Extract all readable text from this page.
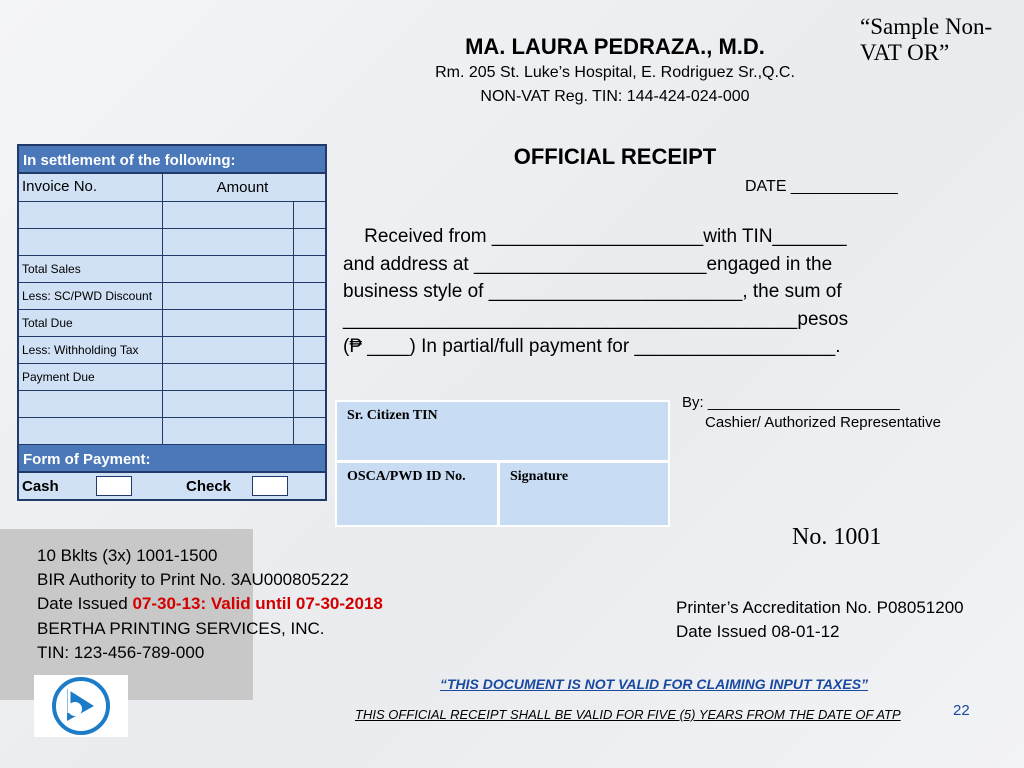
MA. LAURA PEDRAZA., M.D.
Rm. 205 St. Luke’s Hospital, E. Rodriguez Sr.,Q.C.
NON-VAT Reg. TIN: 144-424-024-000
“Sample Non-VAT OR”
In settlement of the following:
Invoice No.	Amount
Total Sales
Less: SC/PWD Discount
Total Due
Less: Withholding Tax
Payment Due
Form of Payment:
Cash	Check
OFFICIAL RECEIPT
DATE ____________
Received from ____________________with TIN_______
and address at ______________________engaged in the
business style of ________________________, the sum of
___________________________________________pesos
(₱ ____) In partial/full payment for ___________________.
Sr. Citizen TIN
OSCA/PWD ID No.	Signature
By: _______________________
Cashier/ Authorized Representative
No. 1001
10 Bklts (3x) 1001-1500
BIR Authority to Print No. 3AU000805222
Date Issued 07-30-13: Valid until 07-30-2018
BERTHA PRINTING SERVICES, INC.
TIN: 123-456-789-000
Printer’s Accreditation No. P08051200
Date Issued 08-01-12
“THIS DOCUMENT IS NOT VALID FOR CLAIMING INPUT TAXES”
THIS OFFICIAL RECEIPT SHALL BE VALID FOR FIVE (5) YEARS FROM THE DATE OF ATP	22
